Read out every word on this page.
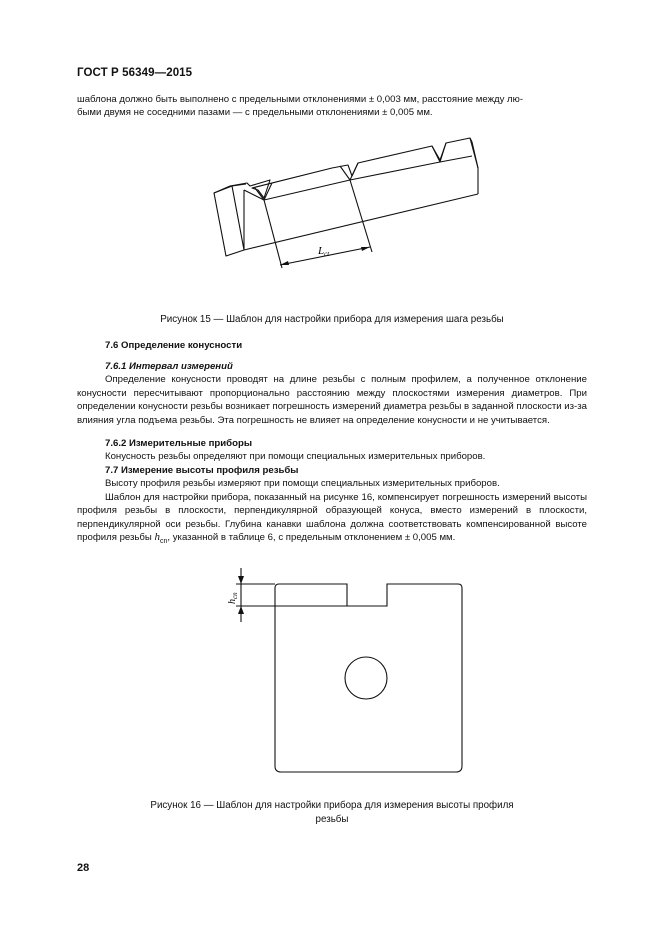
ГОСТ Р 56349—2015
шаблона должно быть выполнено с предельными отклонениями ± 0,003 мм, расстояние между лю-
быми двумя не соседними пазами — с предельными отклонениями ± 0,005 мм.
Lct
Рисунок 15 — Шаблон для настройки прибора для измерения шага резьбы
7.6 Определение конусности
7.6.1 Интервал измерений
Определение конусности проводят на длине резьбы с полным профилем, а полученное отклонение конусности пересчитывают пропорционально расстоянию между плоскостями измерения диаметров. При определении конусности резьбы возникает погрешность измерений диаметра резьбы в заданной плоскости из-за влияния угла подъема резьбы. Эта погрешность не влияет на определение конусности и не учитывается.
7.6.2 Измерительные приборы
Конусность резьбы определяют при помощи специальных измерительных приборов.
7.7 Измерение высоты профиля резьбы
Высоту профиля резьбы измеряют при помощи специальных измерительных приборов.
Шаблон для настройки прибора, показанный на рисунке 16, компенсирует погрешность измерений высоты профиля резьбы в плоскости, перпендикулярной образующей конуса, вместо измерений в плоскости, перпендикулярной оси резьбы. Глубина канавки шаблона должна соответствовать компенсированной высоте профиля резьбы $h_{cn}$, указанной в таблице 6, с предельным отклонением ± 0,005 мм.
$h_{cn}$
Рисунок 16 — Шаблон для настройки прибора для измерения высоты профиля
резьбы
28
